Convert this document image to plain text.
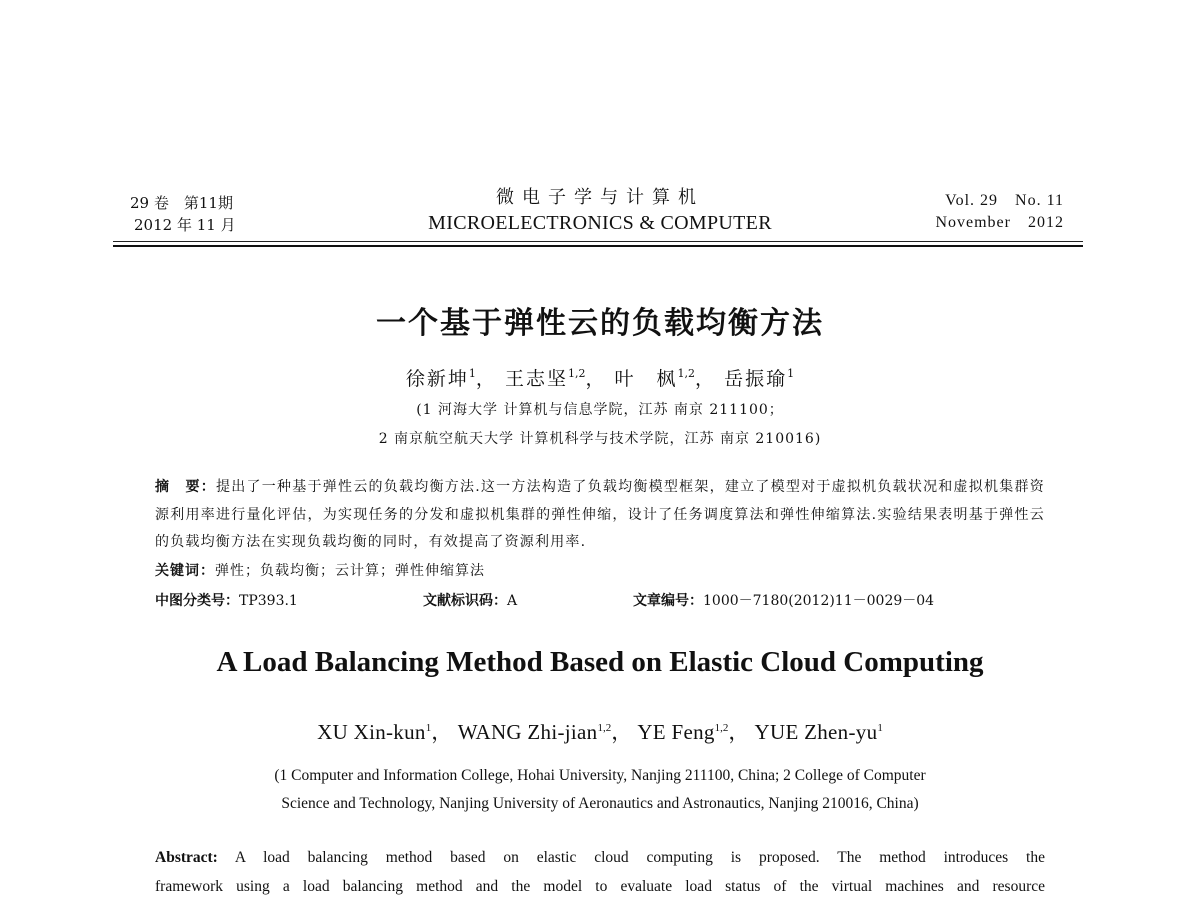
29 卷　第11期
2012 年 11 月
微电子学与计算机
MICROELECTRONICS & COMPUTER
Vol. 29　No. 11
November　2012
一个基于弹性云的负载均衡方法
徐新坤$^1$， 王志坚$^{1,2}$， 叶　枫$^{1,2}$， 岳振瑜$^1$
(1 河海大学 计算机与信息学院，江苏 南京 211100；
2 南京航空航天大学 计算机科学与技术学院，江苏 南京 210016)
摘　要：提出了一种基于弹性云的负载均衡方法.这一方法构造了负载均衡模型框架，建立了模型对于虚拟机负载状况和虚拟机集群资源利用率进行量化评估，为实现任务的分发和虚拟机集群的弹性伸缩，设计了任务调度算法和弹性伸缩算法.实验结果表明基于弹性云的负载均衡方法在实现负载均衡的同时，有效提高了资源利用率.
关键词：弹性；负载均衡；云计算；弹性伸缩算法
中图分类号：TP393.1	文献标识码：A	文章编号：1000－7180(2012)11－0029－04
A Load Balancing Method Based on Elastic Cloud Computing
XU Xin-kun$^1$， WANG Zhi-jian$^{1,2}$， YE Feng$^{1,2}$， YUE Zhen-$yu^1$
(1 Computer and Information College, Hohai University, Nanjing 211100, China; 2 College of Computer
Science and Technology, Nanjing University of Aeronautics and Astronautics, Nanjing 210016, China)
Abstract: A load balancing method based on elastic cloud computing is proposed. The method introduces the
framework using a load balancing method and the model to evaluate load status of the virtual machines and resource
